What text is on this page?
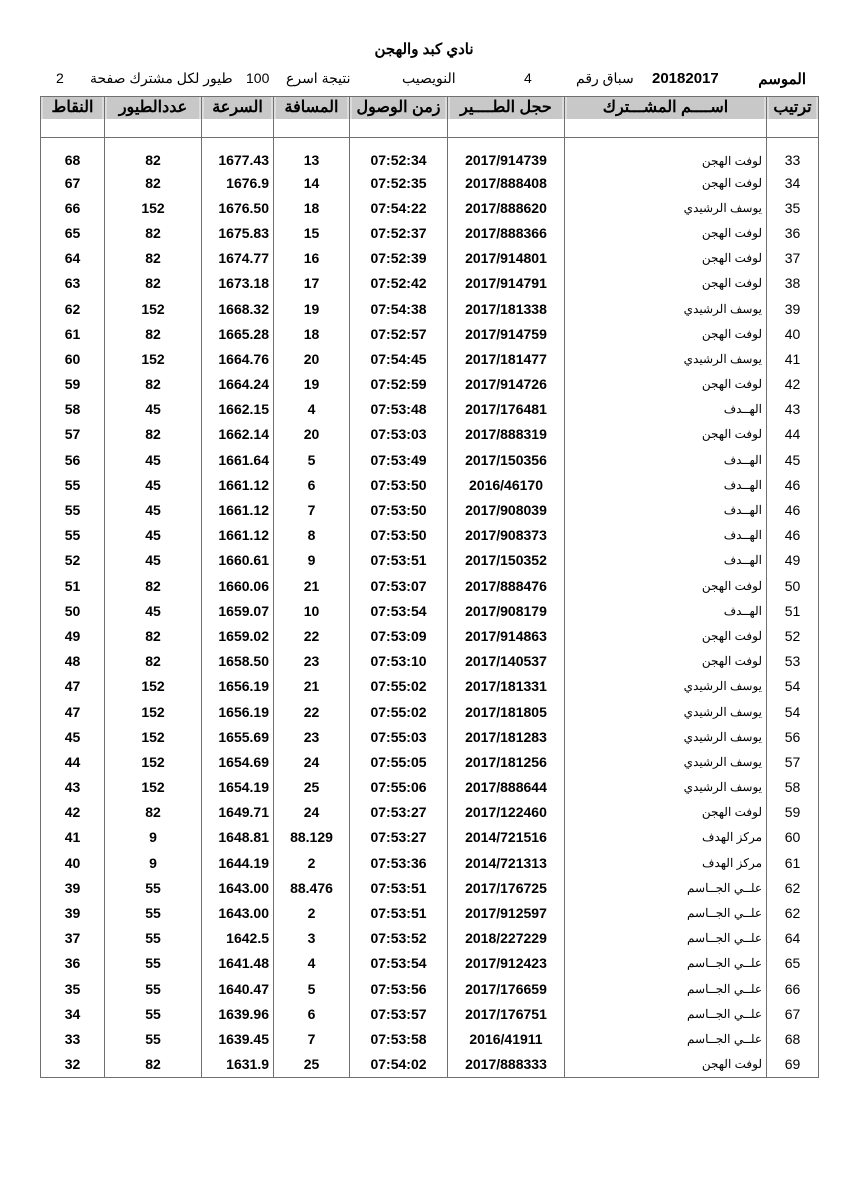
نادي كبد والهجن
الموسم
20182017
سباق رقم
4
النويصيب
نتيجة اسرع
100
طيور لكل مشترك صفحة
2
ترتيب	اســــم المشـــترك	حجل الطــــير	زمن الوصول	المسافة	السرعة	عددالطيور	النقاط

33	لوفت الهجن	2017/914739	07:52:34	13	1677.43	82	68
34	لوفت الهجن	2017/888408	07:52:35	14	1676.9	82	67
35	يوسف الرشيدي	2017/888620	07:54:22	18	1676.50	152	66
36	لوفت الهجن	2017/888366	07:52:37	15	1675.83	82	65
37	لوفت الهجن	2017/914801	07:52:39	16	1674.77	82	64
38	لوفت الهجن	2017/914791	07:52:42	17	1673.18	82	63
39	يوسف الرشيدي	2017/181338	07:54:38	19	1668.32	152	62
40	لوفت الهجن	2017/914759	07:52:57	18	1665.28	82	61
41	يوسف الرشيدي	2017/181477	07:54:45	20	1664.76	152	60
42	لوفت الهجن	2017/914726	07:52:59	19	1664.24	82	59
43	الهــدف	2017/176481	07:53:48	4	1662.15	45	58
44	لوفت الهجن	2017/888319	07:53:03	20	1662.14	82	57
45	الهــدف	2017/150356	07:53:49	5	1661.64	45	56
46	الهــدف	2016/46170	07:53:50	6	1661.12	45	55
46	الهــدف	2017/908039	07:53:50	7	1661.12	45	55
46	الهــدف	2017/908373	07:53:50	8	1661.12	45	55
49	الهــدف	2017/150352	07:53:51	9	1660.61	45	52
50	لوفت الهجن	2017/888476	07:53:07	21	1660.06	82	51
51	الهــدف	2017/908179	07:53:54	10	1659.07	45	50
52	لوفت الهجن	2017/914863	07:53:09	22	1659.02	82	49
53	لوفت الهجن	2017/140537	07:53:10	23	1658.50	82	48
54	يوسف الرشيدي	2017/181331	07:55:02	21	1656.19	152	47
54	يوسف الرشيدي	2017/181805	07:55:02	22	1656.19	152	47
56	يوسف الرشيدي	2017/181283	07:55:03	23	1655.69	152	45
57	يوسف الرشيدي	2017/181256	07:55:05	24	1654.69	152	44
58	يوسف الرشيدي	2017/888644	07:55:06	25	1654.19	152	43
59	لوفت الهجن	2017/122460	07:53:27	24	1649.71	82	42
60	مركز الهدف	2014/721516	07:53:27	88.129	1648.81	9	41
61	مركز الهدف	2014/721313	07:53:36	2	1644.19	9	40
62	علــي الجــاسم	2017/176725	07:53:51	88.476	1643.00	55	39
62	علــي الجــاسم	2017/912597	07:53:51	2	1643.00	55	39
64	علــي الجــاسم	2018/227229	07:53:52	3	1642.5	55	37
65	علــي الجــاسم	2017/912423	07:53:54	4	1641.48	55	36
66	علــي الجــاسم	2017/176659	07:53:56	5	1640.47	55	35
67	علــي الجــاسم	2017/176751	07:53:57	6	1639.96	55	34
68	علــي الجــاسم	2016/41911	07:53:58	7	1639.45	55	33
69	لوفت الهجن	2017/888333	07:54:02	25	1631.9	82	32
